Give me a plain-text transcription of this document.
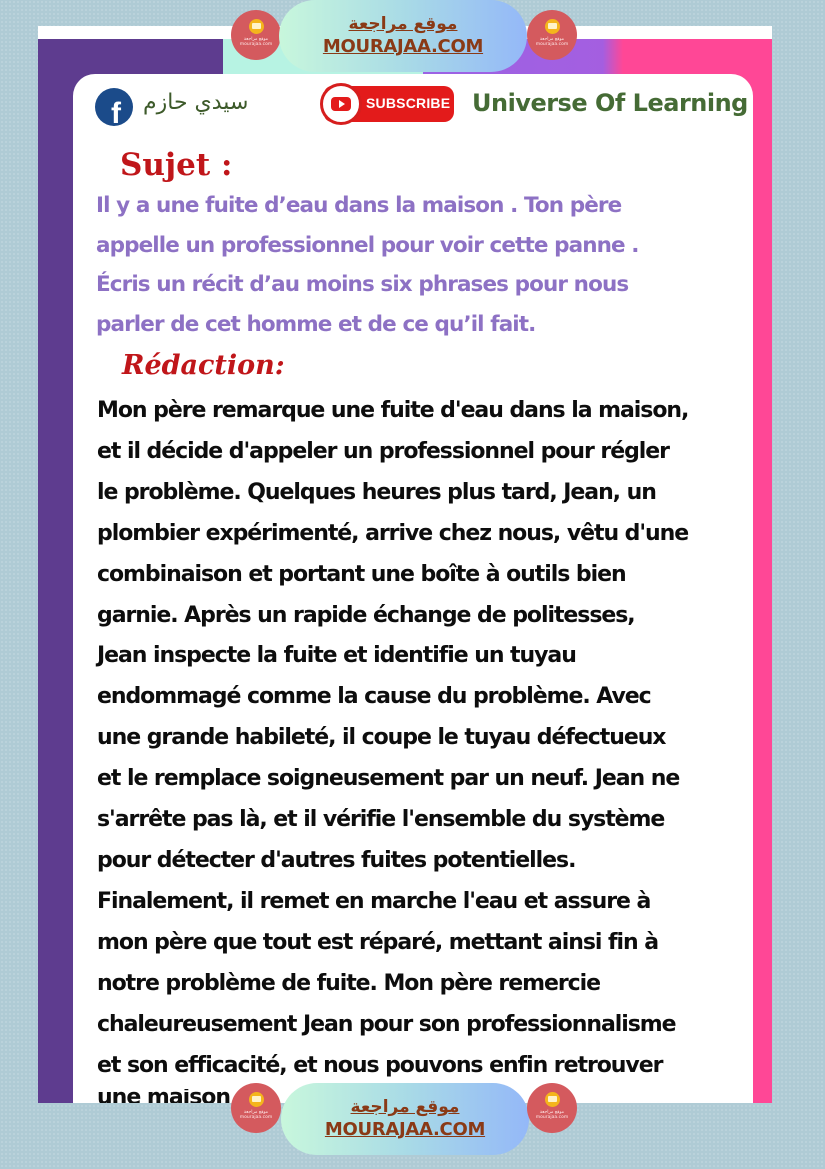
f سيدي حازم	SUBSCRIBE Universe Of Learning
Sujet :
Il y a une fuite d’eau dans la maison . Ton père
appelle un professionnel pour voir cette panne .
Écris un récit d’au moins six phrases pour nous
parler de cet homme et de ce qu’il fait.
Rédaction:
Mon père remarque une fuite d'eau dans la maison,
et il décide d'appeler un professionnel pour régler
le problème. Quelques heures plus tard, Jean, un
plombier expérimenté, arrive chez nous, vêtu d'une
combinaison et portant une boîte à outils bien
garnie. Après un rapide échange de politesses,
Jean inspecte la fuite et identifie un tuyau
endommagé comme la cause du problème. Avec
une grande habileté, il coupe le tuyau défectueux
et le remplace soigneusement par un neuf. Jean ne
s'arrête pas là, et il vérifie l'ensemble du système
pour détecter d'autres fuites potentielles.
Finalement, il remet en marche l'eau et assure à
mon père que tout est réparé, mettant ainsi fin à
notre problème de fuite. Mon père remercie
chaleureusement Jean pour son professionnalisme
et son efficacité, et nous pouvons enfin retrouver
une maison
موقع مراجعة mourajaa.com
موقع مراجعة
MOURAJAA.COM	موقع مراجعة mourajaa.com
موقع مراجعة mourajaa.com
موقع مراجعة
MOURAJAA.COM
موقع مراجعة mourajaa.com
